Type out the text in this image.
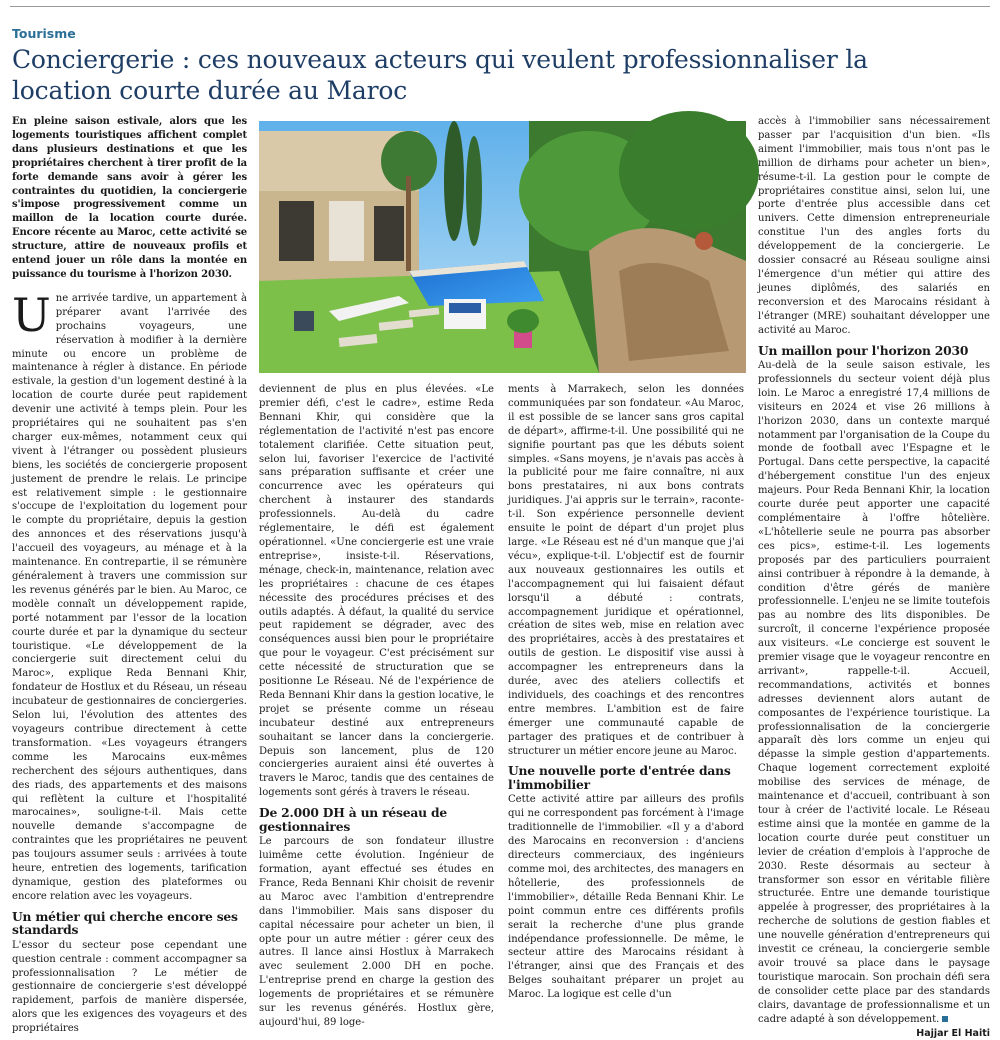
Tourisme
Conciergerie : ces nouveaux acteurs qui veulent professionnaliser la location courte durée au Maroc

En pleine saison estivale, alors que les logements touristiques affichent complet dans plusieurs destinations et que les propriétaires cherchent à tirer profit de la forte demande sans avoir à gérer les contraintes du quotidien, la conciergerie s'impose progressivement comme un maillon de la location courte durée. Encore récente au Maroc, cette activité se structure, attire de nouveaux profils et entend jouer un rôle dans la montée en puissance du tourisme à l'horizon 2030.

Une arrivée tardive, un appartement à préparer avant l'arrivée des prochains voyageurs, une réservation à modifier à la dernière minute ou encore un problème de maintenance à régler à distance. En période estivale, la gestion d'un logement destiné à la location de courte durée peut rapidement devenir une activité à temps plein. Pour les propriétaires qui ne souhaitent pas s'en charger eux-mêmes, notamment ceux qui vivent à l'étranger ou possèdent plusieurs biens, les sociétés de conciergerie proposent justement de prendre le relais. Le principe est relativement simple : le gestionnaire s'occupe de l'exploitation du logement pour le compte du propriétaire, depuis la gestion des annonces et des réservations jusqu'à l'accueil des voyageurs, au ménage et à la maintenance. En contrepartie, il se rémunère généralement à travers une commission sur les revenus générés par le bien. Au Maroc, ce modèle connaît un développement rapide, porté notamment par l'essor de la location courte durée et par la dynamique du secteur touristique. «Le développement de la conciergerie suit directement celui du Maroc», explique Reda Bennani Khir, fondateur de Hostlux et du Réseau, un réseau incubateur de gestionnaires de conciergeries. Selon lui, l'évolution des attentes des voyageurs contribue directement à cette transformation. «Les voyageurs étrangers comme les Marocains eux-mêmes recherchent des séjours authentiques, dans des riads, des appartements et des maisons qui reflètent la culture et l'hospitalité marocaines», souligne-t-il. Mais cette nouvelle demande s'accompagne de contraintes que les propriétaires ne peuvent pas toujours assumer seuls : arrivées à toute heure, entretien des logements, tarification dynamique, gestion des plateformes ou encore relation avec les voyageurs.

Un métier qui cherche encore ses standards

L'essor du secteur pose cependant une question centrale : comment accompagner sa professionnalisation ? Le métier de gestionnaire de conciergerie s'est développé rapidement, parfois de manière dispersée, alors que les exigences des voyageurs et des propriétaires

deviennent de plus en plus élevées. «Le premier défi, c'est le cadre», estime Reda Bennani Khir, qui considère que la réglementation de l'activité n'est pas encore totalement clarifiée. Cette situation peut, selon lui, favoriser l'exercice de l'activité sans préparation suffisante et créer une concurrence avec les opérateurs qui cherchent à instaurer des standards professionnels. Au-delà du cadre réglementaire, le défi est également opérationnel. «Une conciergerie est une vraie entreprise», insiste-t-il. Réservations, ménage, check-in, maintenance, relation avec les propriétaires : chacune de ces étapes nécessite des procédures précises et des outils adaptés. À défaut, la qualité du service peut rapidement se dégrader, avec des conséquences aussi bien pour le propriétaire que pour le voyageur. C'est précisément sur cette nécessité de structuration que se positionne Le Réseau. Né de l'expérience de Reda Bennani Khir dans la gestion locative, le projet se présente comme un réseau incubateur destiné aux entrepreneurs souhaitant se lancer dans la conciergerie. Depuis son lancement, plus de 120 conciergeries auraient ainsi été ouvertes à travers le Maroc, tandis que des centaines de logements sont gérés à travers le réseau.

De 2.000 DH à un réseau de gestionnaires

Le parcours de son fondateur illustre luimême cette évolution. Ingénieur de formation, ayant effectué ses études en France, Reda Bennani Khir choisit de revenir au Maroc avec l'ambition d'entreprendre dans l'immobilier. Mais sans disposer du capital nécessaire pour acheter un bien, il opte pour un autre métier : gérer ceux des autres. Il lance ainsi Hostlux à Marrakech avec seulement 2.000 DH en poche. L'entreprise prend en charge la gestion des logements de propriétaires et se rémunère sur les revenus générés. Hostlux gère, aujourd'hui, 89 loge-

ments à Marrakech, selon les données communiquées par son fondateur. «Au Maroc, il est possible de se lancer sans gros capital de départ», affirme-t-il. Une possibilité qui ne signifie pourtant pas que les débuts soient simples. «Sans moyens, je n'avais pas accès à la publicité pour me faire connaître, ni aux bons prestataires, ni aux bons contrats juridiques. J'ai appris sur le terrain», raconte-t-il. Son expérience personnelle devient ensuite le point de départ d'un projet plus large. «Le Réseau est né d'un manque que j'ai vécu», explique-t-il. L'objectif est de fournir aux nouveaux gestionnaires les outils et l'accompagnement qui lui faisaient défaut lorsqu'il a débuté : contrats, accompagnement juridique et opérationnel, création de sites web, mise en relation avec des propriétaires, accès à des prestataires et outils de gestion. Le dispositif vise aussi à accompagner les entrepreneurs dans la durée, avec des ateliers collectifs et individuels, des coachings et des rencontres entre membres. L'ambition est de faire émerger une communauté capable de partager des pratiques et de contribuer à structurer un métier encore jeune au Maroc.

Une nouvelle porte d'entrée dans l'immobilier

Cette activité attire par ailleurs des profils qui ne correspondent pas forcément à l'image traditionnelle de l'immobilier. «Il y a d'abord des Marocains en reconversion : d'anciens directeurs commerciaux, des ingénieurs comme moi, des architectes, des managers en hôtellerie, des professionnels de l'immobilier», détaille Reda Bennani Khir. Le point commun entre ces différents profils serait la recherche d'une plus grande indépendance professionnelle. De même, le secteur attire des Marocains résidant à l'étranger, ainsi que des Français et des Belges souhaitant préparer un projet au Maroc. La logique est celle d'un

accès à l'immobilier sans nécessairement passer par l'acquisition d'un bien. «Ils aiment l'immobilier, mais tous n'ont pas le million de dirhams pour acheter un bien», résume-t-il. La gestion pour le compte de propriétaires constitue ainsi, selon lui, une porte d'entrée plus accessible dans cet univers. Cette dimension entrepreneuriale constitue l'un des angles forts du développement de la conciergerie. Le dossier consacré au Réseau souligne ainsi l'émergence d'un métier qui attire des jeunes diplômés, des salariés en reconversion et des Marocains résidant à l'étranger (MRE) souhaitant développer une activité au Maroc.

Un maillon pour l'horizon 2030

Au-delà de la seule saison estivale, les professionnels du secteur voient déjà plus loin. Le Maroc a enregistré 17,4 millions de visiteurs en 2024 et vise 26 millions à l'horizon 2030, dans un contexte marqué notamment par l'organisation de la Coupe du monde de football avec l'Espagne et le Portugal. Dans cette perspective, la capacité d'hébergement constitue l'un des enjeux majeurs. Pour Reda Bennani Khir, la location courte durée peut apporter une capacité complémentaire à l'offre hôtelière. «L'hôtellerie seule ne pourra pas absorber ces pics», estime-t-il. Les logements proposés par des particuliers pourraient ainsi contribuer à répondre à la demande, à condition d'être gérés de manière professionnelle. L'enjeu ne se limite toutefois pas au nombre des lits disponibles. De surcroît, il concerne l'expérience proposée aux visiteurs. «Le concierge est souvent le premier visage que le voyageur rencontre en arrivant», rappelle-t-il. Accueil, recommandations, activités et bonnes adresses deviennent alors autant de composantes de l'expérience touristique. La professionnalisation de la conciergerie apparaît dès lors comme un enjeu qui dépasse la simple gestion d'appartements. Chaque logement correctement exploité mobilise des services de ménage, de maintenance et d'accueil, contribuant à son tour à créer de l'activité locale. Le Réseau estime ainsi que la montée en gamme de la location courte durée peut constituer un levier de création d'emplois à l'approche de 2030. Reste désormais au secteur à transformer son essor en véritable filière structurée. Entre une demande touristique appelée à progresser, des propriétaires à la recherche de solutions de gestion fiables et une nouvelle génération d'entrepreneurs qui investit ce créneau, la conciergerie semble avoir trouvé sa place dans le paysage touristique marocain. Son prochain défi sera de consolider cette place par des standards clairs, davantage de professionnalisme et un cadre adapté à son développement.

Hajjar El Haiti
